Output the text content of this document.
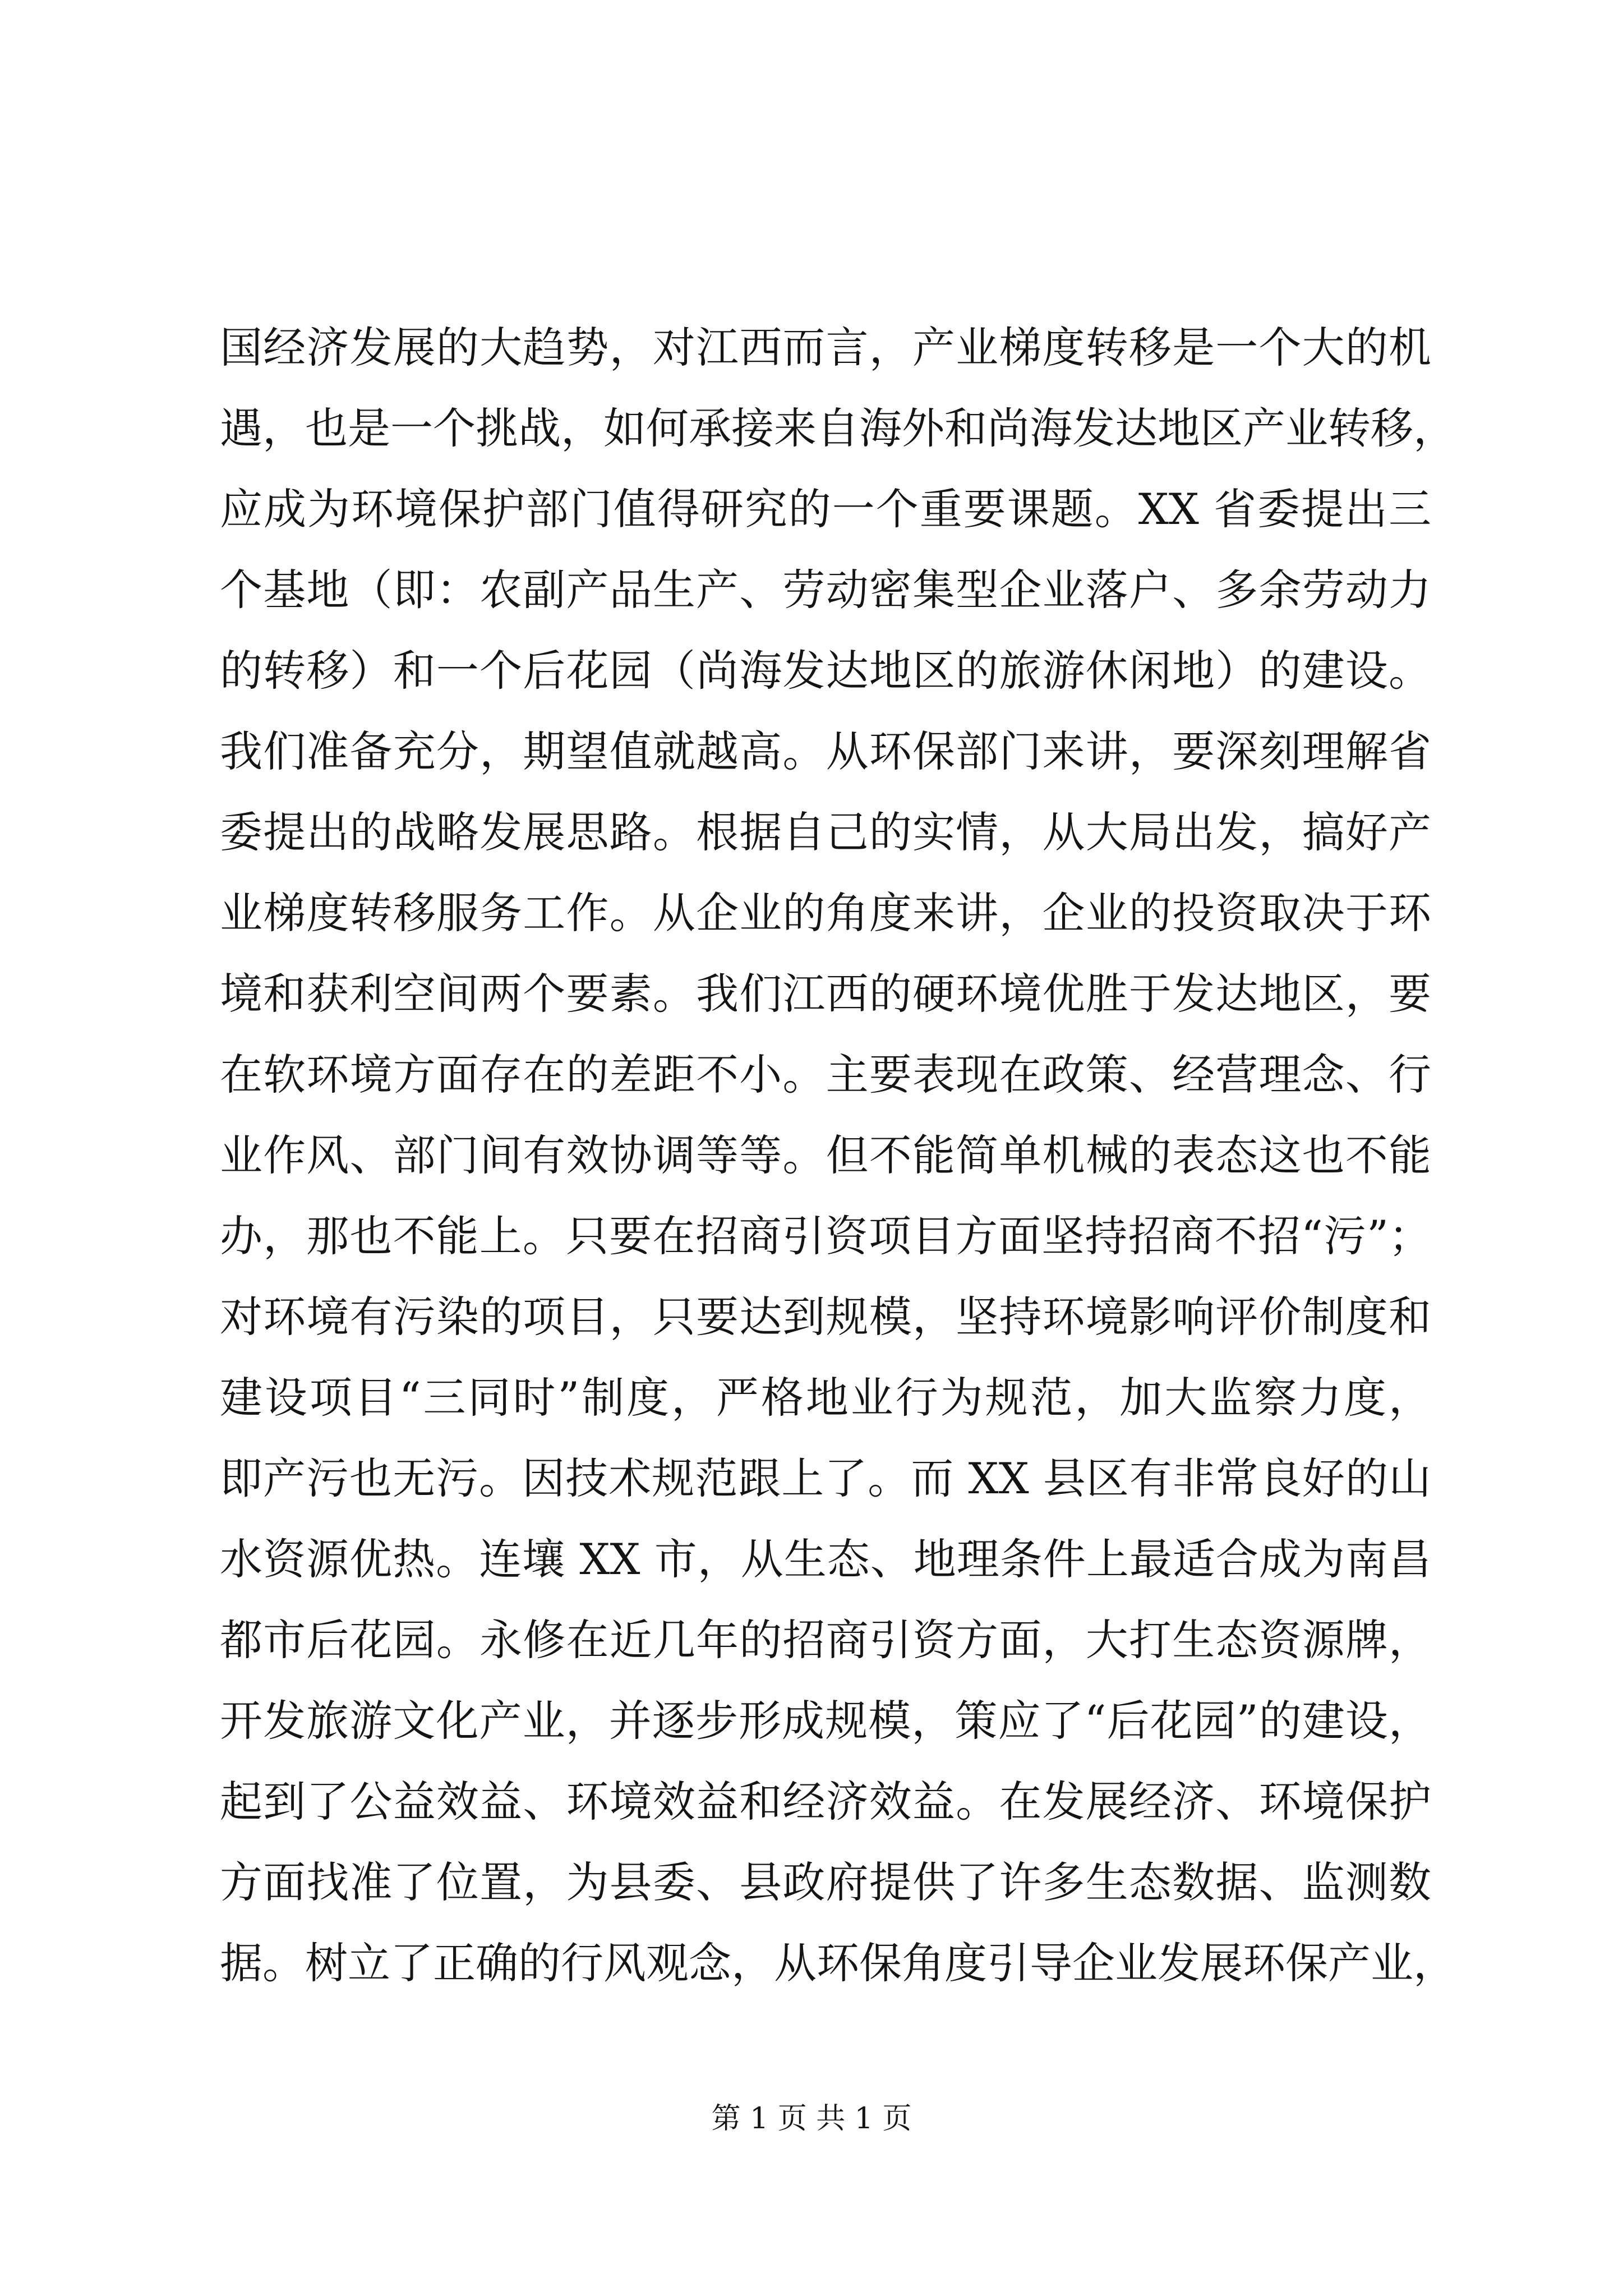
国经济发展的大趋势，对江西而言，产业梯度转移是一个大的机
遇，也是一个挑战，如何承接来自海外和尚海发达地区产业转移，
应成为环境保护部门值得研究的一个重要课题。XX 省委提出三
个基地（即：农副产品生产、劳动密集型企业落户、多余劳动力
的转移）和一个后花园（尚海发达地区的旅游休闲地）的建设。
我们准备充分，期望值就越高。从环保部门来讲，要深刻理解省
委提出的战略发展思路。根据自己的实情，从大局出发，搞好产
业梯度转移服务工作。从企业的角度来讲，企业的投资取决于环
境和获利空间两个要素。我们江西的硬环境优胜于发达地区，要
在软环境方面存在的差距不小。主要表现在政策、经营理念、行
业作风、部门间有效协调等等。但不能简单机械的表态这也不能
办，那也不能上。只要在招商引资项目方面坚持招商不招“污”；
对环境有污染的项目，只要达到规模，坚持环境影响评价制度和
建设项目“三同时”制度，严格地业行为规范，加大监察力度，
即产污也无污。因技术规范跟上了。而 XX 县区有非常良好的山
水资源优热。连壤 XX 市，从生态、地理条件上最适合成为南昌
都市后花园。永修在近几年的招商引资方面，大打生态资源牌，
开发旅游文化产业，并逐步形成规模，策应了“后花园”的建设，
起到了公益效益、环境效益和经济效益。在发展经济、环境保护
方面找准了位置，为县委、县政府提供了许多生态数据、监测数
据。树立了正确的行风观念，从环保角度引导企业发展环保产业，
第 1 页 共 1 页
